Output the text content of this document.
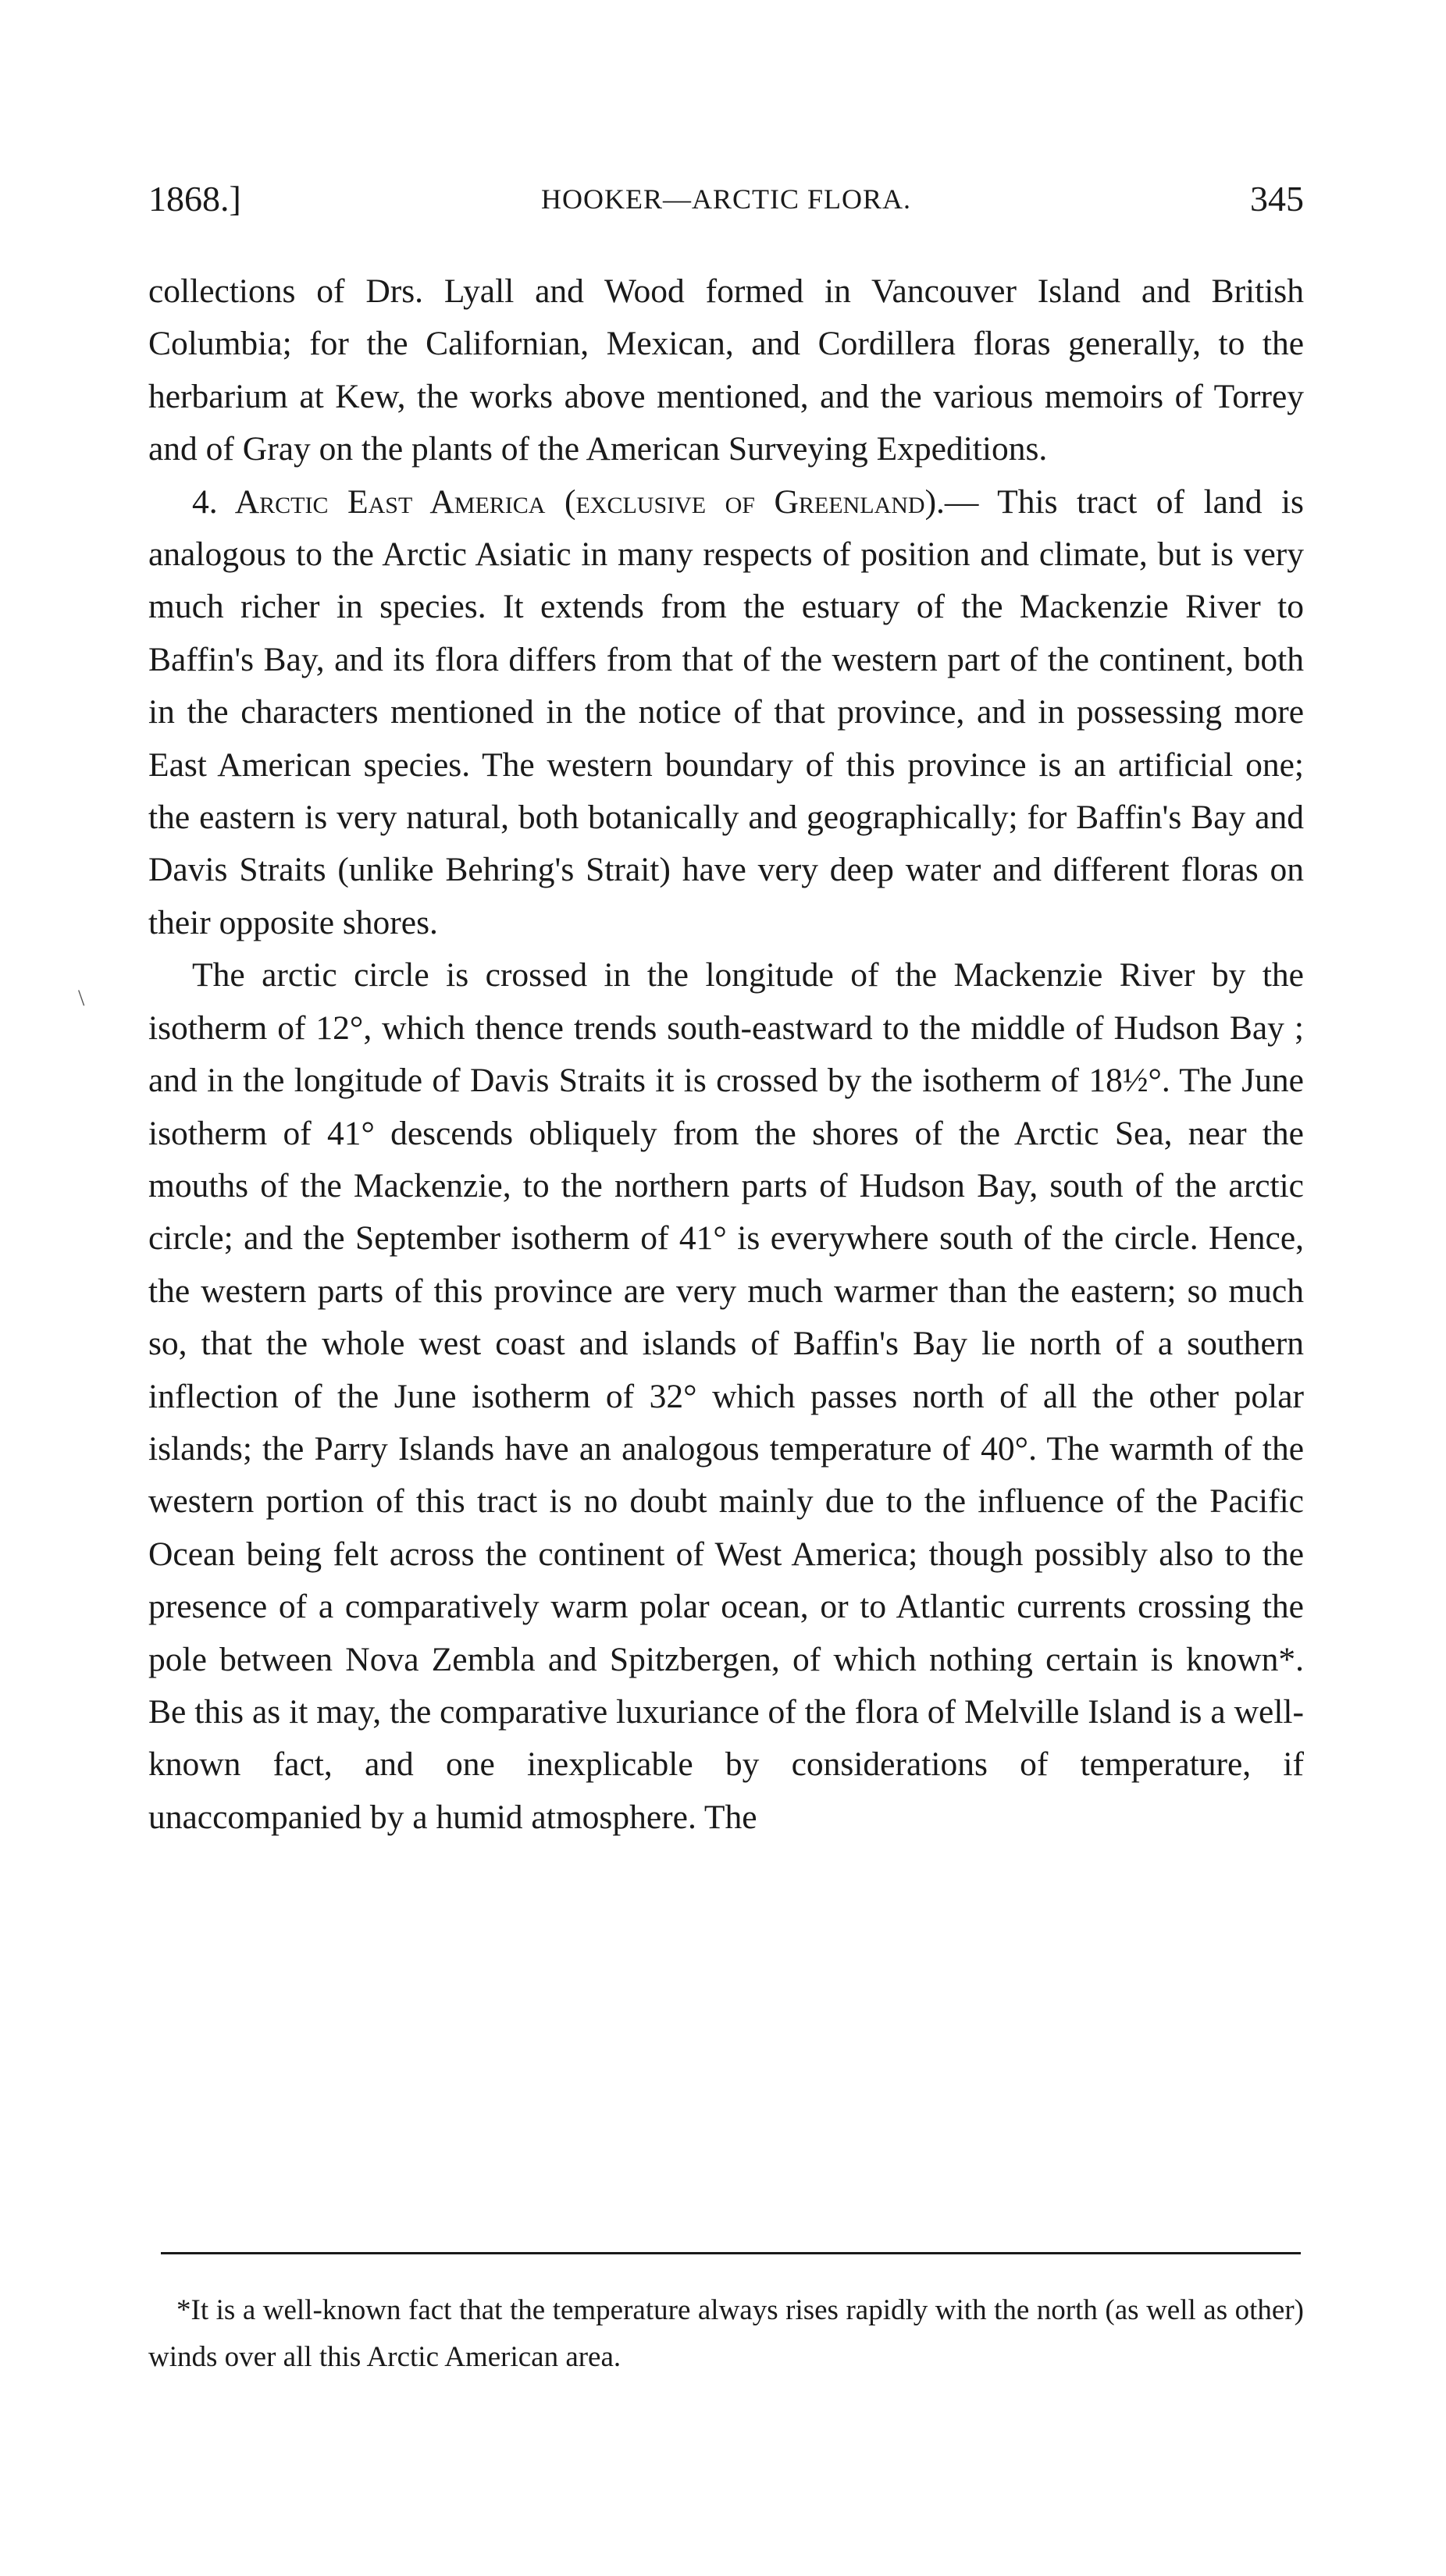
1868.]	HOOKER—ARCTIC FLORA.	345

collections of Drs. Lyall and Wood formed in Vancouver Island and British Columbia; for the Californian, Mexican, and Cordillera floras generally, to the herbarium at Kew, the works above mentioned, and the various memoirs of Torrey and of Gray on the plants of the American Surveying Expeditions.

4. Arctic East America (exclusive of Greenland).— This tract of land is analogous to the Arctic Asiatic in many respects of position and climate, but is very much richer in species. It extends from the estuary of the Mackenzie River to Baffin's Bay, and its flora differs from that of the western part of the continent, both in the characters mentioned in the notice of that province, and in possessing more East American species. The western boundary of this province is an artificial one; the eastern is very natural, both botanically and geographically; for Baffin's Bay and Davis Straits (unlike Behring's Strait) have very deep water and different floras on their opposite shores.

The arctic circle is crossed in the longitude of the Mackenzie River by the isotherm of 12°, which thence trends south-eastward to the middle of Hudson Bay ; and in the longitude of Davis Straits it is crossed by the isotherm of 18½°. The June isotherm of 41° descends obliquely from the shores of the Arctic Sea, near the mouths of the Mackenzie, to the northern parts of Hudson Bay, south of the arctic circle; and the September isotherm of 41° is everywhere south of the circle. Hence, the western parts of this province are very much warmer than the eastern; so much so, that the whole west coast and islands of Baffin's Bay lie north of a southern inflection of the June isotherm of 32° which passes north of all the other polar islands; the Parry Islands have an analogous temperature of 40°. The warmth of the western portion of this tract is no doubt mainly due to the influence of the Pacific Ocean being felt across the continent of West America; though possibly also to the presence of a comparatively warm polar ocean, or to Atlantic currents crossing the pole between Nova Zembla and Spitzbergen, of which nothing certain is known*. Be this as it may, the comparative luxuriance of the flora of Melville Island is a well-known fact, and one inexplicable by considerations of temperature, if unaccompanied by a humid atmosphere. The

*It is a well-known fact that the temperature always rises rapidly with the north (as well as other) winds over all this Arctic American area.
\
